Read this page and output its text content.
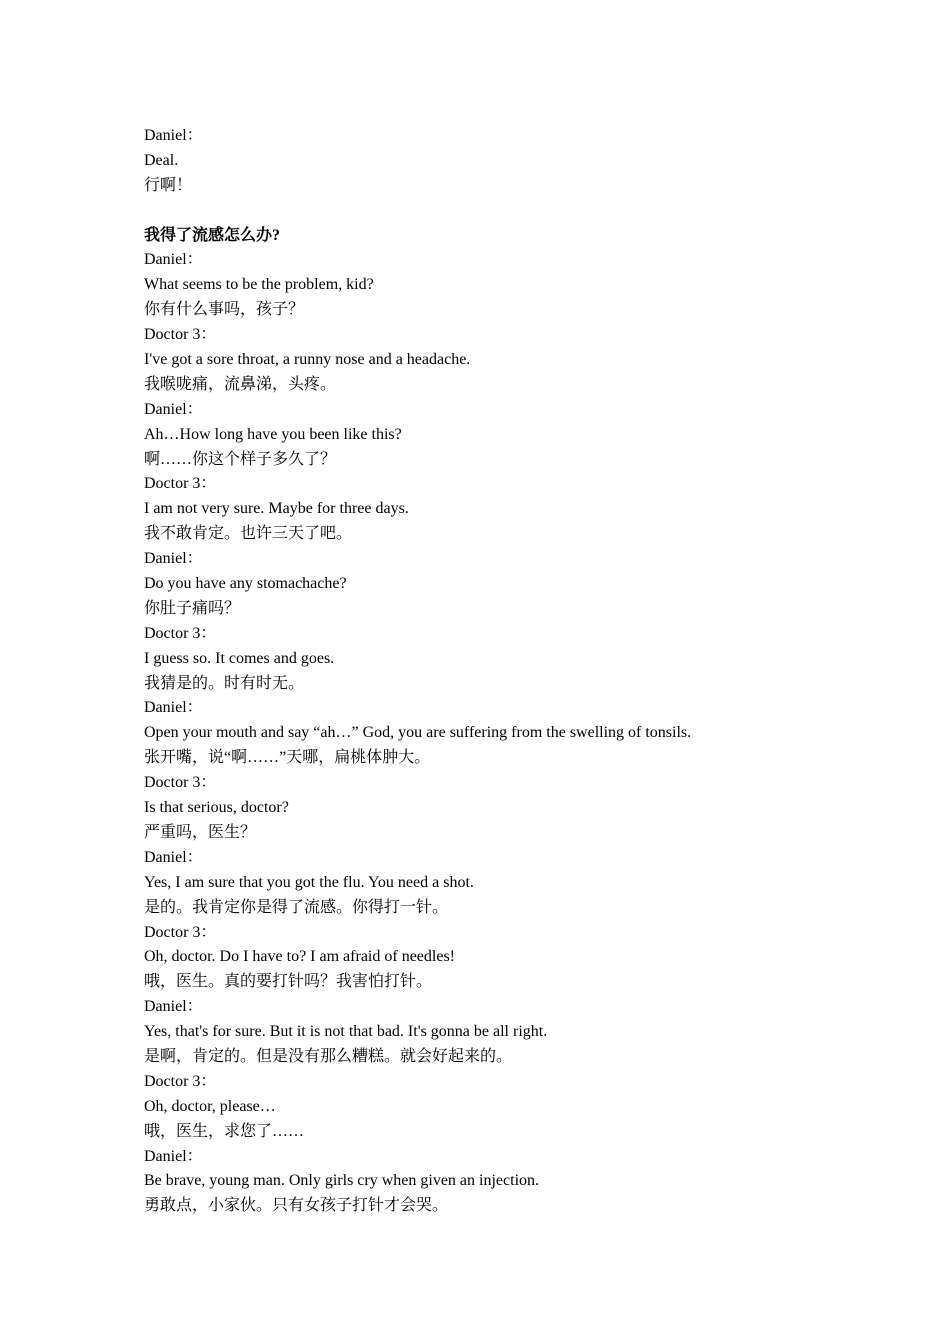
Daniel：
Deal.
行啊！
我得了流感怎么办?
Daniel：
What seems to be the problem, kid?
你有什么事吗，孩子？
Doctor 3：
I've got a sore throat, a runny nose and a headache.
我喉咙痛，流鼻涕，头疼。
Daniel：
Ah…How long have you been like this?
啊……你这个样子多久了？
Doctor 3：
I am not very sure. Maybe for three days.
我不敢肯定。也许三天了吧。
Daniel：
Do you have any stomachache?
你肚子痛吗？
Doctor 3：
I guess so. It comes and goes.
我猜是的。时有时无。
Daniel：
Open your mouth and say “ah…” God, you are suffering from the swelling of tonsils.
张开嘴，说“啊……”天哪，扁桃体肿大。
Doctor 3：
Is that serious, doctor?
严重吗，医生？
Daniel：
Yes, I am sure that you got the flu. You need a shot.
是的。我肯定你是得了流感。你得打一针。
Doctor 3：
Oh, doctor. Do I have to? I am afraid of needles!
哦，医生。真的要打针吗？我害怕打针。
Daniel：
Yes, that's for sure. But it is not that bad. It's gonna be all right.
是啊，肯定的。但是没有那么糟糕。就会好起来的。
Doctor 3：
Oh, doctor, please…
哦，医生，求您了……
Daniel：
Be brave, young man. Only girls cry when given an injection.
勇敢点，小家伙。只有女孩子打针才会哭。
